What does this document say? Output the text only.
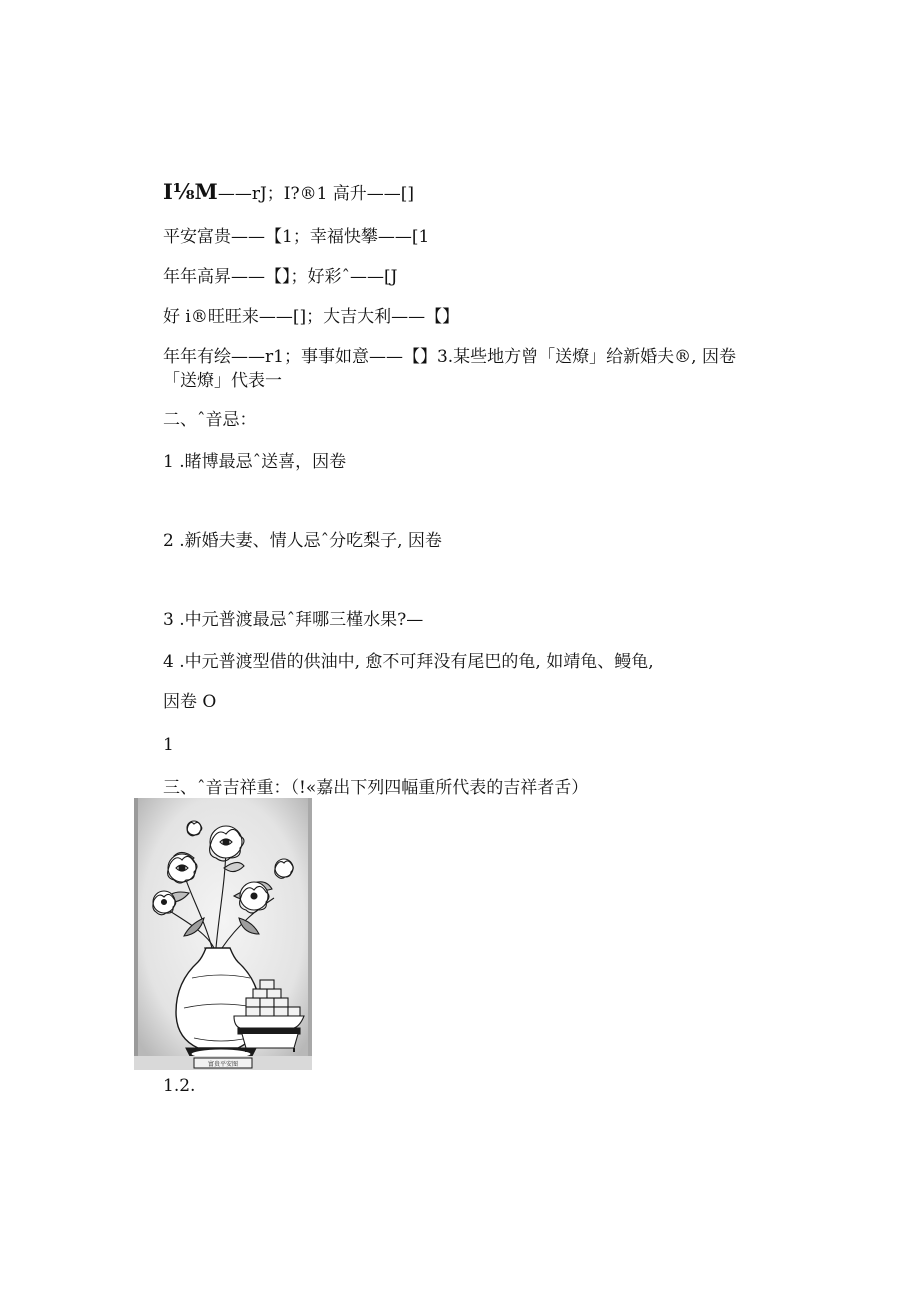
I⅛M——rJ；I?®1 高升——[]
平安富贵——【1；幸福快攀——[1
年年高昇——【】；好彩ˆ——[J
好 i®旺旺来——[]；大吉大利——【】
年年有绘——r1；事事如意——【】3.某些地方曾「送燎」给新婚夫®, 因卷「送燎」代表一
二、ˆ音忌：
1 .睹博最忌ˆ送喜，因卷
2 .新婚夫妻、情人忌ˆ分吃梨子, 因卷
3 .中元普渡最忌ˆ拜哪三槿水果?—
4 .中元普渡型借的供油中, 愈不可拜没有尾巴的龟, 如靖龟、鳗龟,
因卷 O
1
三、ˆ音吉祥重：（!«嘉出下列四幅重所代表的吉祥者舌）
富贵平安图
1.2.
